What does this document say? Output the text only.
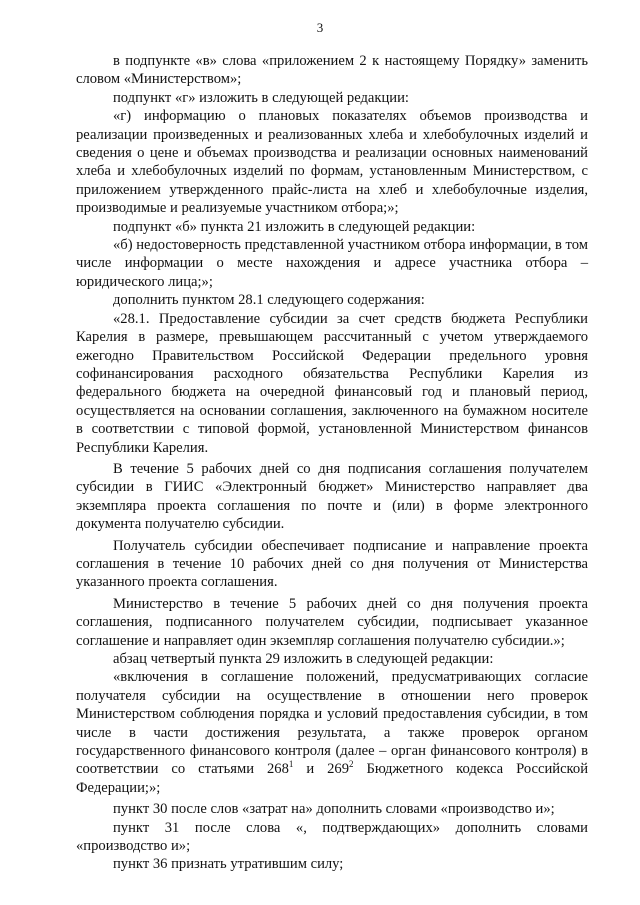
3

в подпункте «в» слова «приложением 2 к настоящему Порядку» заменить словом «Министерством»;

подпункт «г» изложить в следующей редакции:

«г) информацию о плановых показателях объемов производства и реализации произведенных и реализованных хлеба и хлебобулочных изделий и сведения о цене и объемах производства и реализации основных наименований хлеба и хлебобулочных изделий по формам, установленным Министерством, с приложением утвержденного прайс-листа на хлеб и хлебобулочные изделия, производимые и реализуемые участником отбора;»;

подпункт «б» пункта 21 изложить в следующей редакции:

«б) недостоверность представленной участником отбора информации, в том числе информации о месте нахождения и адресе участника отбора – юридического лица;»;

дополнить пунктом 28.1 следующего содержания:

«28.1. Предоставление субсидии за счет средств бюджета Республики Карелия в размере, превышающем рассчитанный с учетом утверждаемого ежегодно Правительством Российской Федерации предельного уровня софинансирования расходного обязательства Республики Карелия из федерального бюджета на очередной финансовый год и плановый период, осуществляется на основании соглашения, заключенного на бумажном носителе в соответствии с типовой формой, установленной Министерством финансов Республики Карелия.

В течение 5 рабочих дней со дня подписания соглашения получателем субсидии в ГИИС «Электронный бюджет» Министерство направляет два экземпляра проекта соглашения по почте и (или) в форме электронного документа получателю субсидии.

Получатель субсидии обеспечивает подписание и направление проекта соглашения в течение 10 рабочих дней со дня получения от Министерства указанного проекта соглашения.

Министерство в течение 5 рабочих дней со дня получения проекта соглашения, подписанного получателем субсидии, подписывает указанное соглашение и направляет один экземпляр соглашения получателю субсидии.»;

абзац четвертый пункта 29 изложить в следующей редакции:

«включения в соглашение положений, предусматривающих согласие получателя субсидии на осуществление в отношении него проверок Министерством соблюдения порядка и условий предоставления субсидии, в том числе в части достижения результата, а также проверок органом государственного финансового контроля (далее – орган финансового контроля) в соответствии со статьями $268^1$ и $269^2$ Бюджетного кодекса Российской Федерации;»;

пункт 30 после слов «затрат на» дополнить словами «производство и»;

пункт 31 после слова «, подтверждающих» дополнить словами «производство и»;

пункт 36 признать утратившим силу;
